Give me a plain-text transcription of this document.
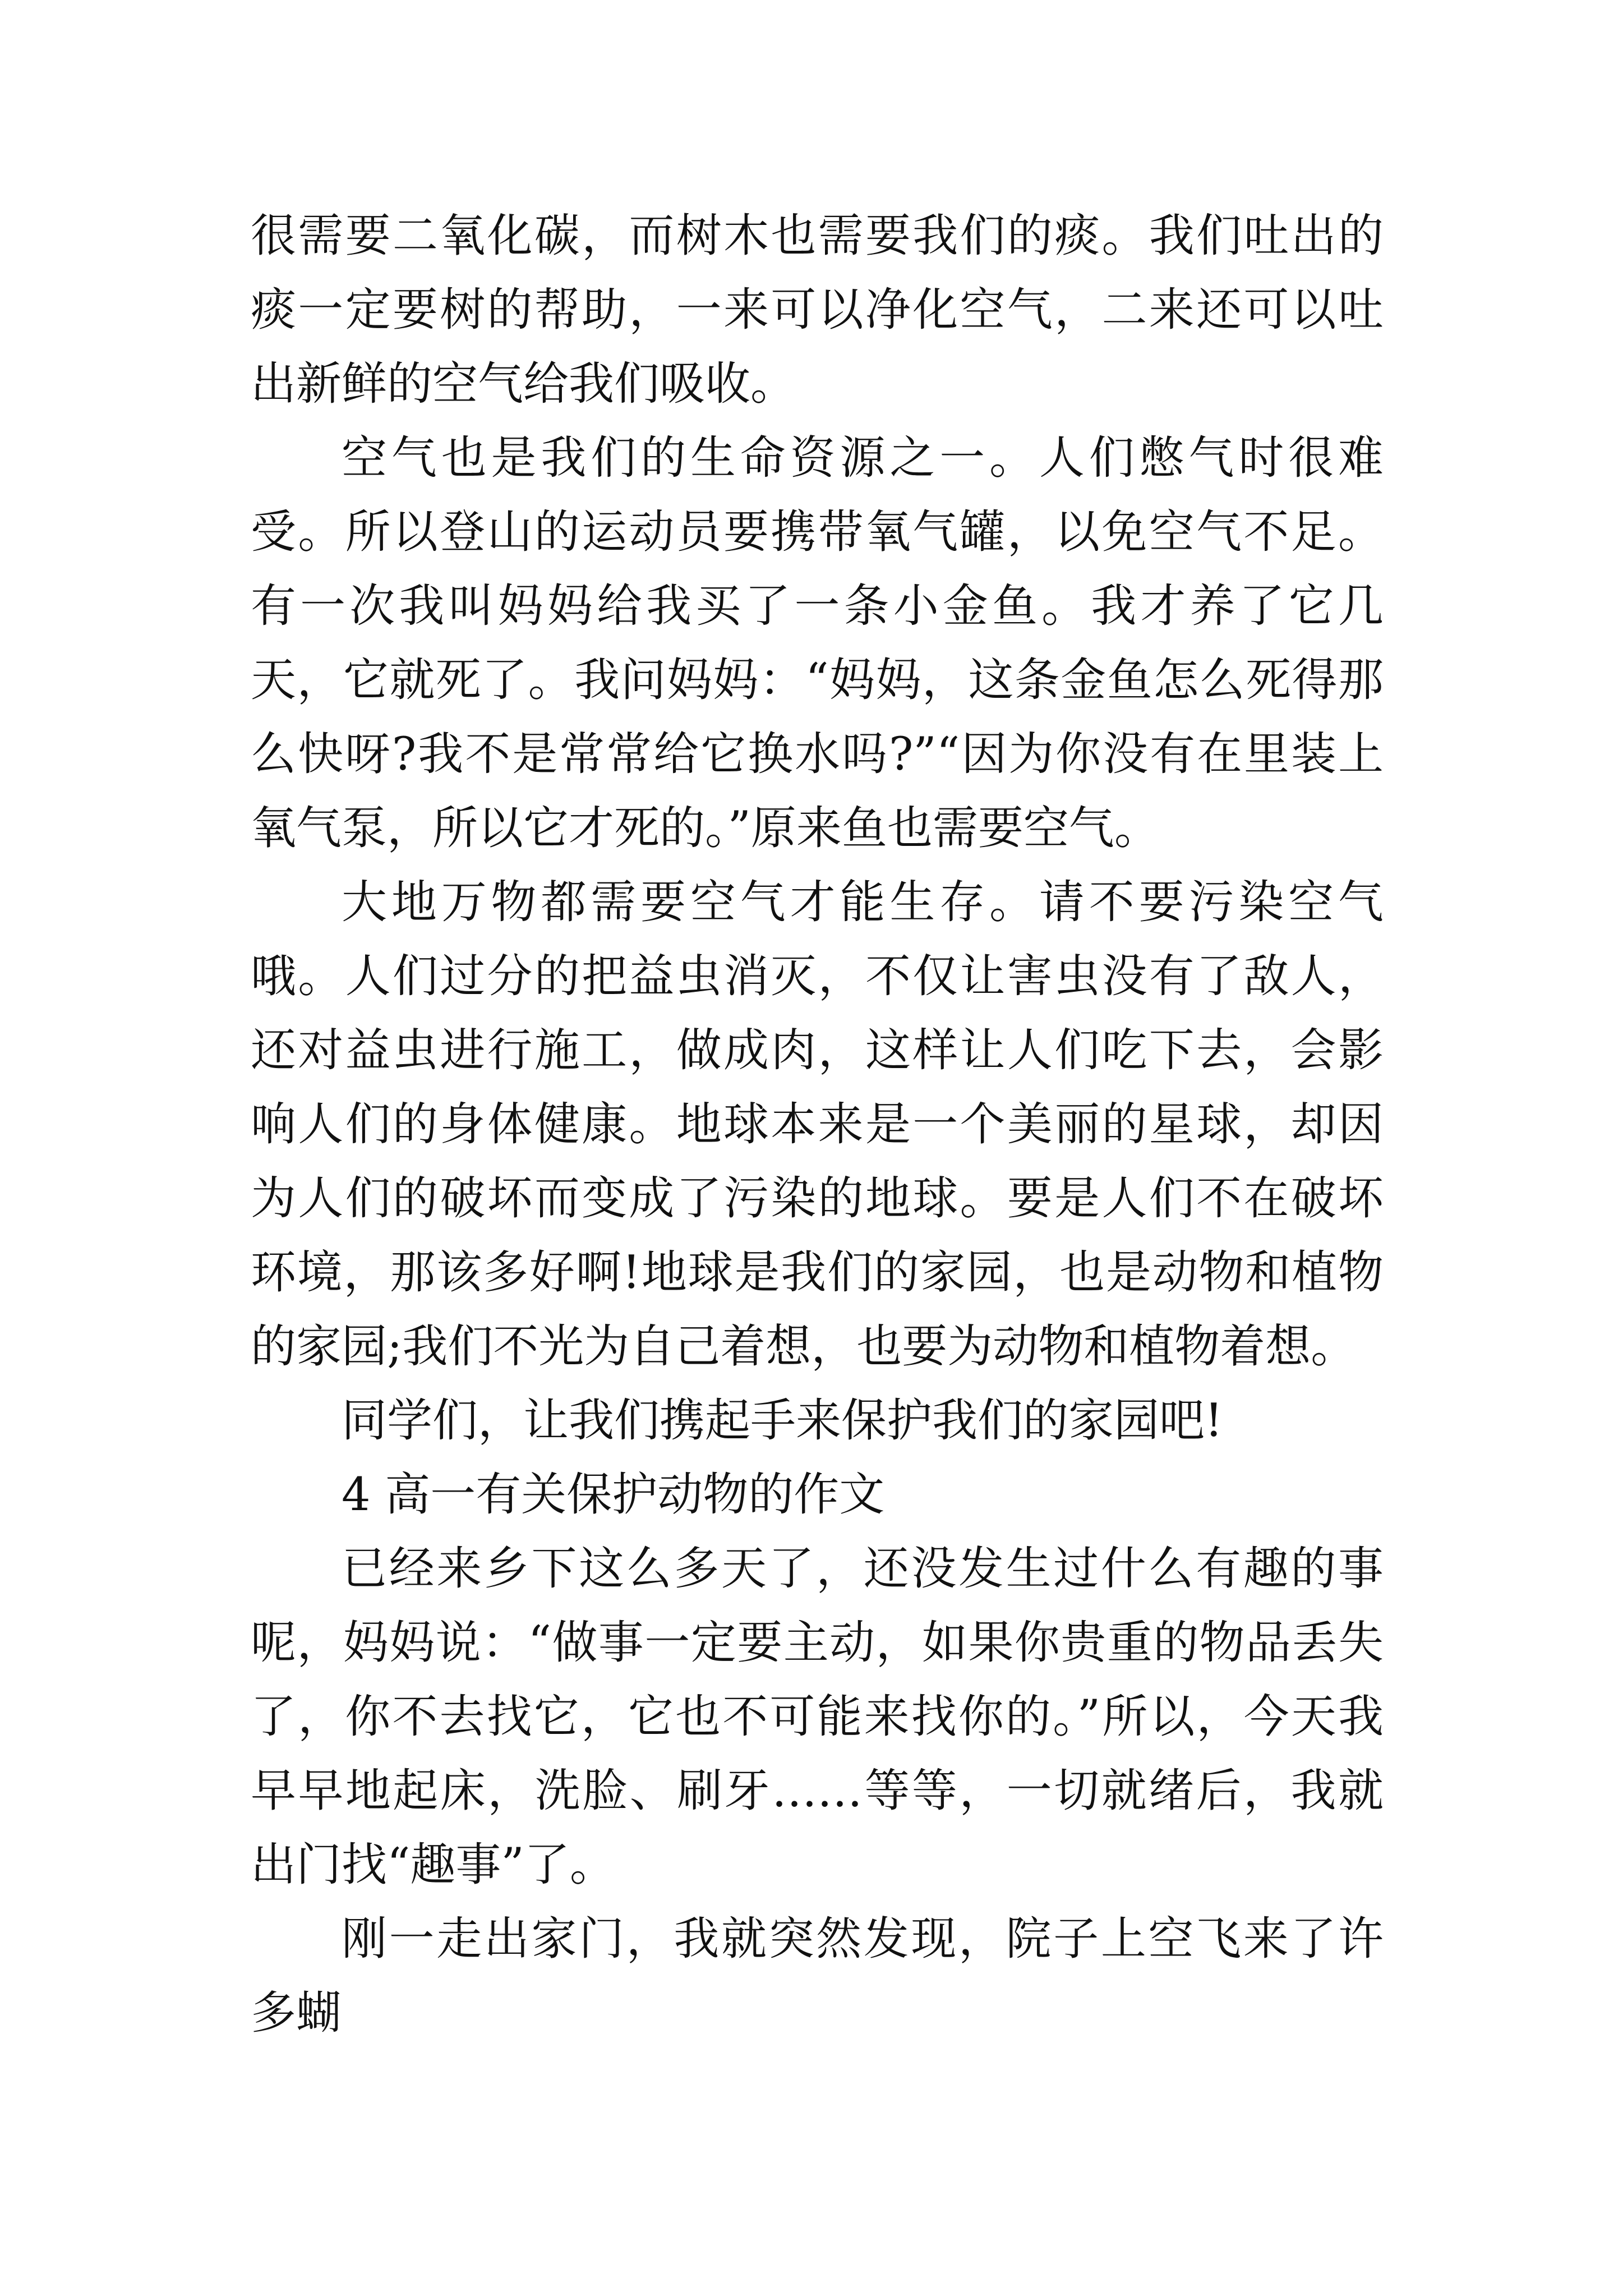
很需要二氧化碳，而树木也需要我们的痰。我们吐出的痰一定要树的帮助，一来可以净化空气，二来还可以吐出新鲜的空气给我们吸收。

空气也是我们的生命资源之一。人们憋气时很难受。所以登山的运动员要携带氧气罐，以免空气不足。有一次我叫妈妈给我买了一条小金鱼。我才养了它几天，它就死了。我问妈妈：“妈妈，这条金鱼怎么死得那么快呀?我不是常常给它换水吗?”“因为你没有在里装上氧气泵，所以它才死的。”原来鱼也需要空气。

大地万物都需要空气才能生存。请不要污染空气哦。人们过分的把益虫消灭，不仅让害虫没有了敌人，还对益虫进行施工，做成肉，这样让人们吃下去，会影响人们的身体健康。地球本来是一个美丽的星球，却因为人们的破坏而变成了污染的地球。要是人们不在破坏环境，那该多好啊!地球是我们的家园，也是动物和植物的家园;我们不光为自己着想，也要为动物和植物着想。

同学们，让我们携起手来保护我们的家园吧!

4 高一有关保护动物的作文

已经来乡下这么多天了，还没发生过什么有趣的事呢，妈妈说：“做事一定要主动，如果你贵重的物品丢失了，你不去找它，它也不可能来找你的。”所以，今天我早早地起床，洗脸、刷牙……等等，一切就绪后，我就出门找“趣事”了。

刚一走出家门，我就突然发现，院子上空飞来了许多蝴
